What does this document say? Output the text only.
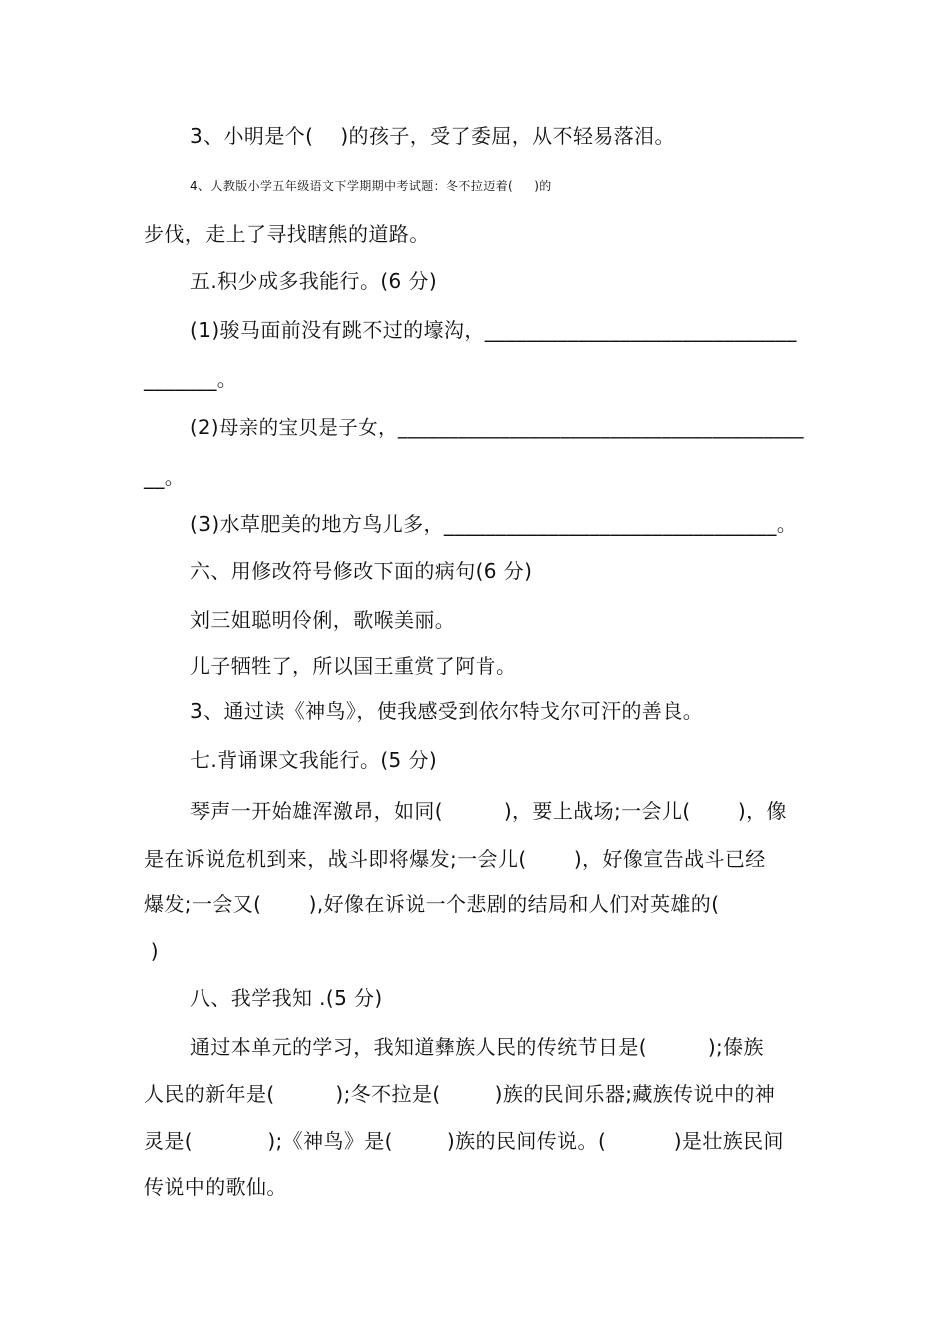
3、小明是个(    )的孩子，受了委屈，从不轻易落泪。

4、人教版小学五年级语文下学期期中考试题：冬不拉迈着(     )的

步伐，走上了寻找瞎熊的道路。

五.积少成多我能行。(6 分)

(1)骏马面前没有跳不过的壕沟，______________________________

_______。

(2)母亲的宝贝是子女，________________________________________

__。

(3)水草肥美的地方鸟儿多，________________________________。

六、用修改符号修改下面的病句(6 分)

刘三姐聪明伶俐，歌喉美丽。

儿子牺牲了，所以国王重赏了阿肯。

3、通过读《神鸟》，使我感受到依尔特戈尔可汗的善良。

七.背诵课文我能行。(5 分)

琴声一开始雄浑激昂，如同(         )，要上战场;一会儿(       )，像

是在诉说危机到来，战斗即将爆发;一会儿(       )，好像宣告战斗已经

爆发;一会又(       ),好像在诉说一个悲剧的结局和人们对英雄的(

)

八、我学我知 .(5 分)

通过本单元的学习，我知道彝族人民的传统节日是(         );傣族

人民的新年是(         );冬不拉是(        )族的民间乐器;藏族传说中的神

灵是(           );《神鸟》是(        )族的民间传说。(          )是壮族民间

传说中的歌仙。
